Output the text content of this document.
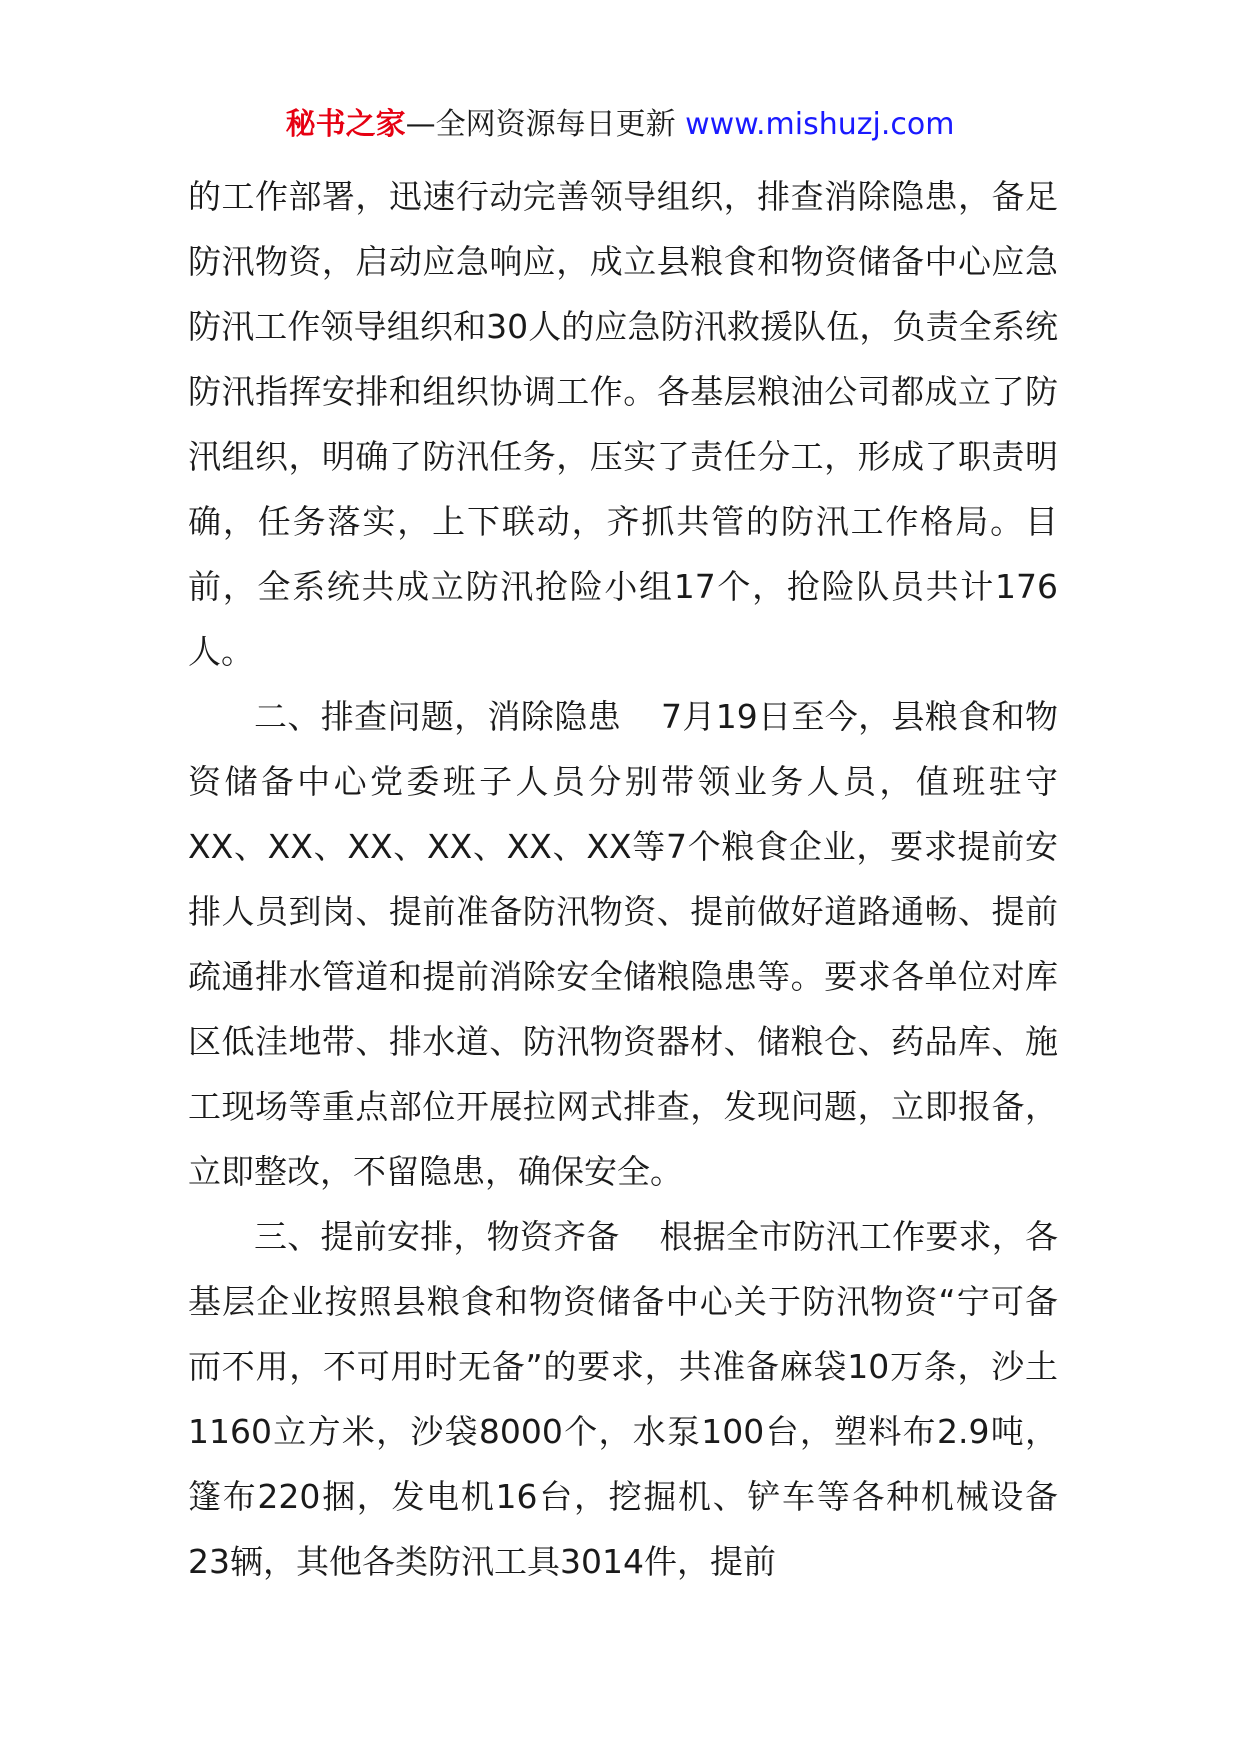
秘书之家—全网资源每日更新 www.mishuzj.com

的工作部署，迅速行动完善领导组织，排查消除隐患，备足防汛物资，启动应急响应，成立县粮食和物资储备中心应急防汛工作领导组织和30人的应急防汛救援队伍，负责全系统防汛指挥安排和组织协调工作。各基层粮油公司都成立了防汛组织，明确了防汛任务，压实了责任分工，形成了职责明确，任务落实，上下联动，齐抓共管的防汛工作格局。目前，全系统共成立防汛抢险小组17个，抢险队员共计176人。

二、排查问题，消除隐患 7月19日至今，县粮食和物资储备中心党委班子人员分别带领业务人员，值班驻守XX、XX、XX、XX、XX、XX等7个粮食企业，要求提前安排人员到岗、提前准备防汛物资、提前做好道路通畅、提前疏通排水管道和提前消除安全储粮隐患等。要求各单位对库区低洼地带、排水道、防汛物资器材、储粮仓、药品库、施工现场等重点部位开展拉网式排查，发现问题，立即报备，立即整改，不留隐患，确保安全。

三、提前安排，物资齐备 根据全市防汛工作要求，各基层企业按照县粮食和物资储备中心关于防汛物资“宁可备而不用，不可用时无备”的要求，共准备麻袋10万条，沙土1160立方米，沙袋8000个，水泵100台，塑料布2.9吨，篷布220捆，发电机16台，挖掘机、铲车等各种机械设备23辆，其他各类防汛工具3014件，提前
